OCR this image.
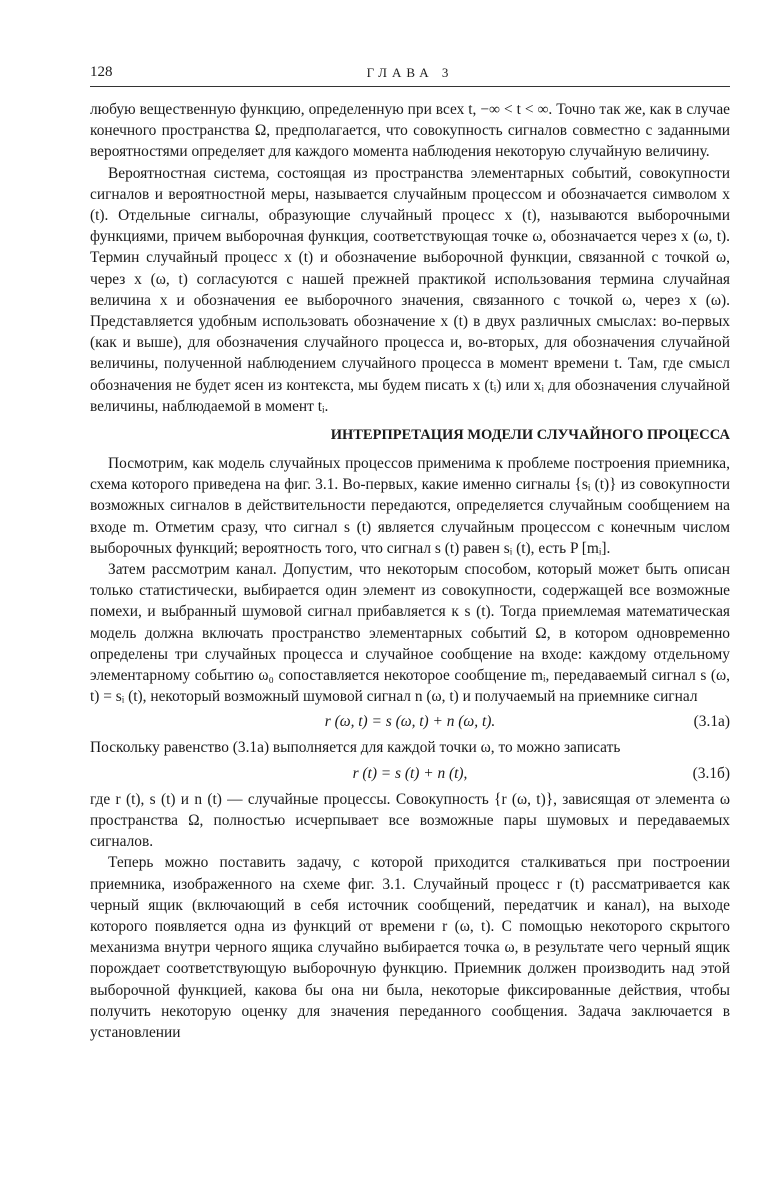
128	ГЛАВА 3

любую вещественную функцию, определенную при всех t, −∞ < t < ∞. Точно так же, как в случае конечного пространства Ω, предполагается, что совокупность сигналов совместно с заданными вероятностями определяет для каждого момента наблюдения некоторую случайную величину.

Вероятностная система, состоящая из пространства элементарных событий, совокупности сигналов и вероятностной меры, называется случайным процессом и обозначается символом x (t). Отдельные сигналы, образующие случайный процесс x (t), называются выборочными функциями, причем выборочная функция, соответствующая точке ω, обозначается через x (ω, t). Термин случайный процесс x (t) и обозначение выборочной функции, связанной с точкой ω, через x (ω, t) согласуются с нашей прежней практикой использования термина случайная величина x и обозначения ее выборочного значения, связанного с точкой ω, через x (ω). Представляется удобным использовать обозначение x (t) в двух различных смыслах: во-первых (как и выше), для обозначения случайного процесса и, во-вторых, для обозначения случайной величины, полученной наблюдением случайного процесса в момент времени t. Там, где смысл обозначения не будет ясен из контекста, мы будем писать x (tᵢ) или xᵢ для обозначения случайной величины, наблюдаемой в момент tᵢ.

ИНТЕРПРЕТАЦИЯ МОДЕЛИ СЛУЧАЙНОГО ПРОЦЕССА

Посмотрим, как модель случайных процессов применима к проблеме построения приемника, схема которого приведена на фиг. 3.1. Во-первых, какие именно сигналы {sᵢ (t)} из совокупности возможных сигналов в действительности передаются, определяется случайным сообщением на входе m. Отметим сразу, что сигнал s (t) является случайным процессом с конечным числом выборочных функций; вероятность того, что сигнал s (t) равен sᵢ (t), есть P [mᵢ].

Затем рассмотрим канал. Допустим, что некоторым способом, который может быть описан только статистически, выбирается один элемент из совокупности, содержащей все возможные помехи, и выбранный шумовой сигнал прибавляется к s (t). Тогда приемлемая математическая модель должна включать пространство элементарных событий Ω, в котором одновременно определены три случайных процесса и случайное сообщение на входе: каждому отдельному элементарному событию ω₀ сопоставляется некоторое сообщение mᵢ, передаваемый сигнал s (ω, t) = sᵢ (t), некоторый возможный шумовой сигнал n (ω, t) и получаемый на приемнике сигнал

r (ω, t) = s (ω, t) + n (ω, t).	(3.1а)

Поскольку равенство (3.1а) выполняется для каждой точки ω, то можно записать

r (t) = s (t) + n (t),	(3.1б)

где r (t), s (t) и n (t) — случайные процессы. Совокупность {r (ω, t)}, зависящая от элемента ω пространства Ω, полностью исчерпывает все возможные пары шумовых и передаваемых сигналов.

Теперь можно поставить задачу, с которой приходится сталкиваться при построении приемника, изображенного на схеме фиг. 3.1. Случайный процесс r (t) рассматривается как черный ящик (включающий в себя источник сообщений, передатчик и канал), на выходе которого появляется одна из функций от времени r (ω, t). С помощью некоторого скрытого механизма внутри черного ящика случайно выбирается точка ω, в результате чего черный ящик порождает соответствующую выборочную функцию. Приемник должен производить над этой выборочной функцией, какова бы она ни была, некоторые фиксированные действия, чтобы получить некоторую оценку для значения переданного сообщения. Задача заключается в установлении
